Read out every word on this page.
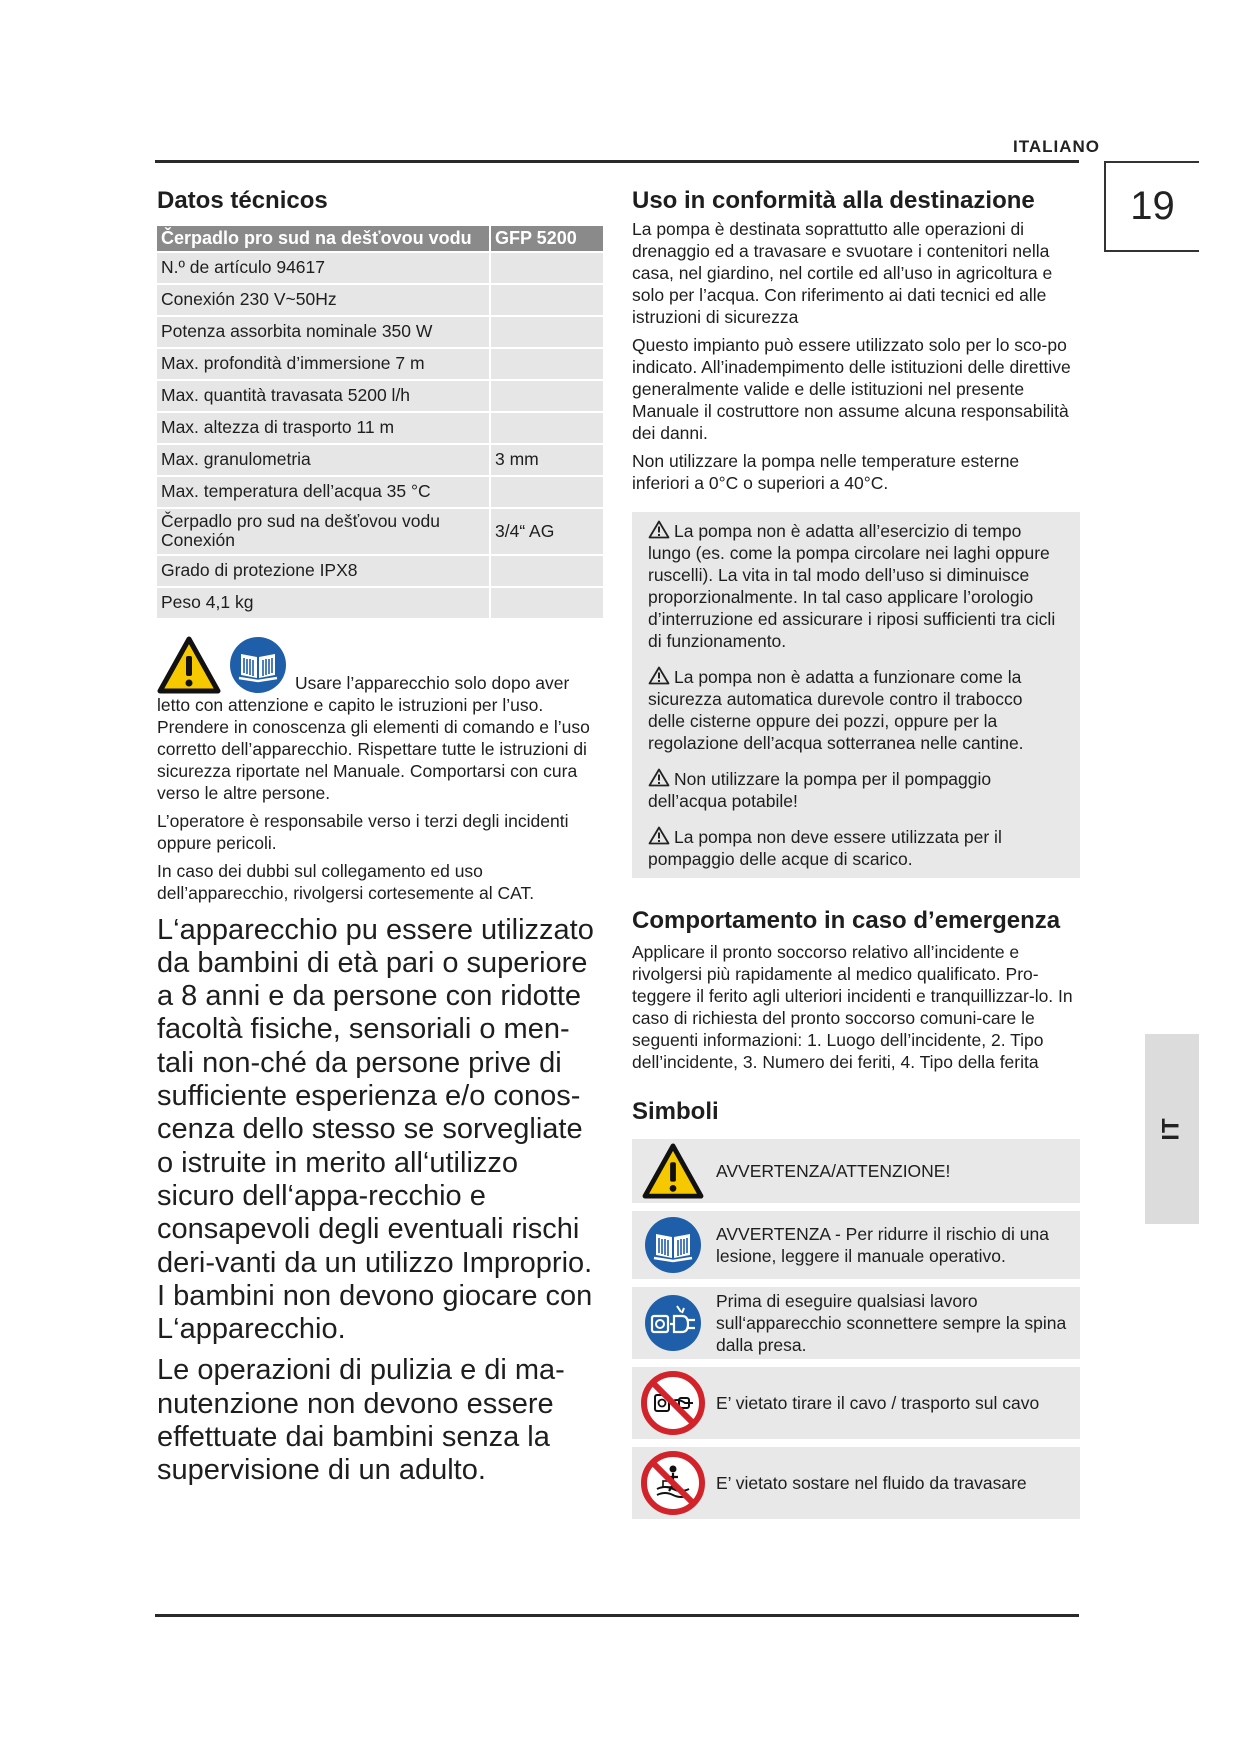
ITALIANO
19
IT
Datos técnicos
Čerpadlo pro sud na dešťovou vodu	GFP 5200
N.º de artículo 94617	
Conexión 230 V~50Hz	
Potenza assorbita nominale 350 W	
Max. profondità d’immersione 7 m	
Max. quantità travasata 5200 l/h	
Max. altezza di trasporto 11 m	
Max. granulometria	3 mm
Max. temperatura dell’acqua 35 °C	
Čerpadlo pro sud na dešťovou vodu Conexión	3/4“ AG
Grado di protezione IPX8	
Peso 4,1 kg	
Usare l’apparecchio solo dopo aver

letto con attenzione e capito le istruzioni per l’uso. Prendere in conoscenza gli elementi di comando e l’uso corretto dell’apparecchio. Rispettare tutte le istruzioni di sicurezza riportate nel Manuale. Comportarsi con cura verso le altre persone.

L’operatore è responsabile verso i terzi degli incidenti oppure pericoli.

In caso dei dubbi sul collegamento ed uso dell’apparecchio, rivolgersi cortesemente al CAT.

L‘apparecchio pu essere utilizzato da bambini di età pari o superiore a 8 anni e da persone con ridotte facoltà fisiche, sensoriali o men-tali non-ché da persone prive di sufficiente esperienza e/o conos-cenza dello stesso se sorvegliate o istruite in merito all‘utilizzo sicuro dell‘appa-recchio e consapevoli degli eventuali rischi deri-vanti da un utilizzo Improprio. I bambini non devono giocare con L‘apparecchio.

Le operazioni di pulizia e di ma-nutenzione non devono essere effettuate dai bambini senza la supervisione di un adulto.

Uso in conformità alla destinazione

La pompa è destinata soprattutto alle operazioni di drenaggio ed a travasare e svuotare i contenitori nella casa, nel giardino, nel cortile ed all’uso in agricoltura e solo per l’acqua. Con riferimento ai dati tecnici ed alle istruzioni di sicurezza

Questo impianto può essere utilizzato solo per lo sco-po indicato. All’inadempimento delle istituzioni delle direttive generalmente valide e delle istituzioni nel presente Manuale il costruttore non assume alcuna responsabilità dei danni.

Non utilizzare la pompa nelle temperature esterne inferiori a 0°C o superiori a 40°C.

La pompa non è adatta all’esercizio di tempo lungo (es. come la pompa circolare nei laghi oppure ruscelli). La vita in tal modo dell’uso si diminuisce proporzionalmente. In tal caso applicare l’orologio d’interruzione ed assicurare i riposi sufficienti tra cicli di funzionamento.

La pompa non è adatta a funzionare come la sicurezza automatica durevole contro il trabocco delle cisterne oppure dei pozzi, oppure per la regolazione dell’acqua sotterranea nelle cantine.

Non utilizzare la pompa per il pompaggio dell’acqua potabile!

La pompa non deve essere utilizzata per il pompaggio delle acque di scarico.

Comportamento in caso d’emergenza

Applicare il pronto soccorso relativo all’incidente e rivolgersi più rapidamente al medico qualificato. Pro-teggere il ferito agli ulteriori incidenti e tranquillizzar-lo. In caso di richiesta del pronto soccorso comuni-care le seguenti informazioni: 1. Luogo dell’incidente, 2. Tipo dell’incidente, 3. Numero dei feriti, 4. Tipo della ferita

Simboli
AVVERTENZA/ATTENZIONE!
AVVERTENZA - Per ridurre il rischio di una lesione, leggere il manuale operativo.
Prima di eseguire qualsiasi lavoro sull‘apparecchio sconnettere sempre la spina dalla presa.
E’ vietato tirare il cavo / trasporto sul cavo
E’ vietato sostare nel fluido da travasare
